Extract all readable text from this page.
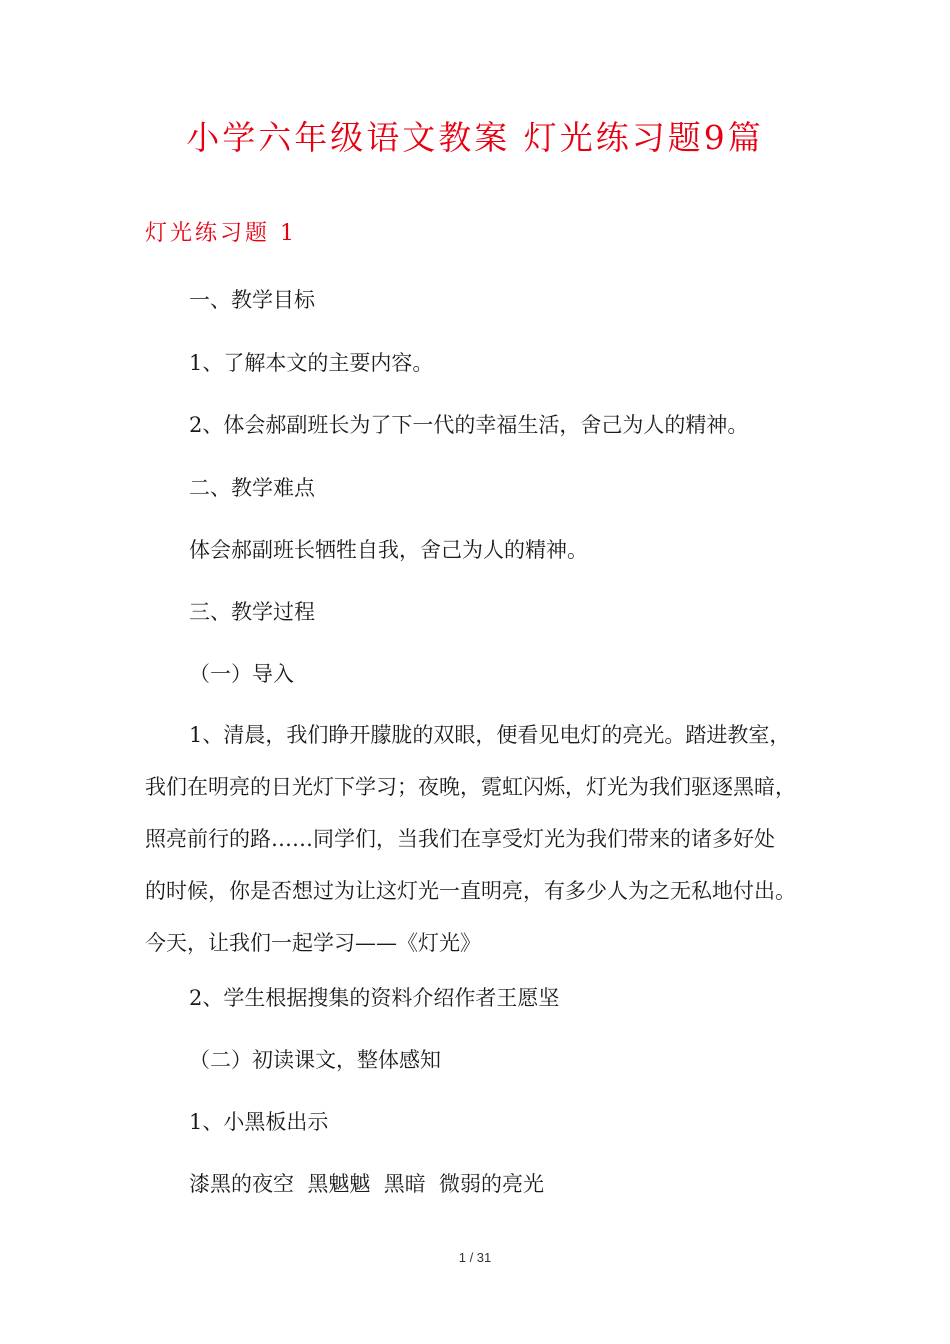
小学六年级语文教案 灯光练习题9篇
灯光练习题 1
一、教学目标
1、了解本文的主要内容。
2、体会郝副班长为了下一代的幸福生活，舍己为人的精神。
二、教学难点
体会郝副班长牺牲自我，舍己为人的精神。
三、教学过程
（一）导入
1、清晨，我们睁开朦胧的双眼，便看见电灯的亮光。踏进教室，
我们在明亮的日光灯下学习；夜晚，霓虹闪烁，灯光为我们驱逐黑暗，
照亮前行的路……同学们，当我们在享受灯光为我们带来的诸多好处
的时候，你是否想过为让这灯光一直明亮，有多少人为之无私地付出。
今天，让我们一起学习——《灯光》
2、学生根据搜集的资料介绍作者王愿坚
（二）初读课文，整体感知
1、小黑板出示
漆黑的夜空  黑魆魆  黑暗  微弱的亮光
1 / 31
